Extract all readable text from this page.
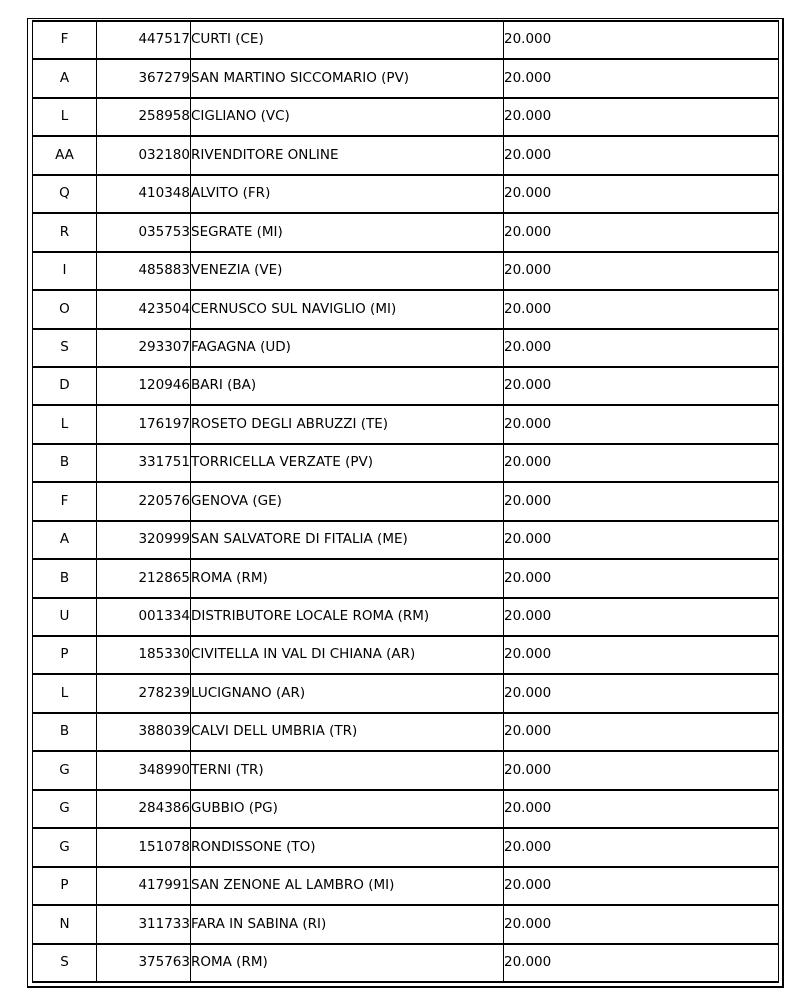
F	447517	CURTI (CE)	20.000
A	367279	SAN MARTINO SICCOMARIO (PV)	20.000
L	258958	CIGLIANO (VC)	20.000
AA	032180	RIVENDITORE ONLINE	20.000
Q	410348	ALVITO (FR)	20.000
R	035753	SEGRATE (MI)	20.000
I	485883	VENEZIA (VE)	20.000
O	423504	CERNUSCO SUL NAVIGLIO (MI)	20.000
S	293307	FAGAGNA (UD)	20.000
D	120946	BARI (BA)	20.000
L	176197	ROSETO DEGLI ABRUZZI (TE)	20.000
B	331751	TORRICELLA VERZATE (PV)	20.000
F	220576	GENOVA (GE)	20.000
A	320999	SAN SALVATORE DI FITALIA (ME)	20.000
B	212865	ROMA (RM)	20.000
U	001334	DISTRIBUTORE LOCALE ROMA (RM)	20.000
P	185330	CIVITELLA IN VAL DI CHIANA (AR)	20.000
L	278239	LUCIGNANO (AR)	20.000
B	388039	CALVI DELL UMBRIA (TR)	20.000
G	348990	TERNI (TR)	20.000
G	284386	GUBBIO (PG)	20.000
G	151078	RONDISSONE (TO)	20.000
P	417991	SAN ZENONE AL LAMBRO (MI)	20.000
N	311733	FARA IN SABINA (RI)	20.000
S	375763	ROMA (RM)	20.000
